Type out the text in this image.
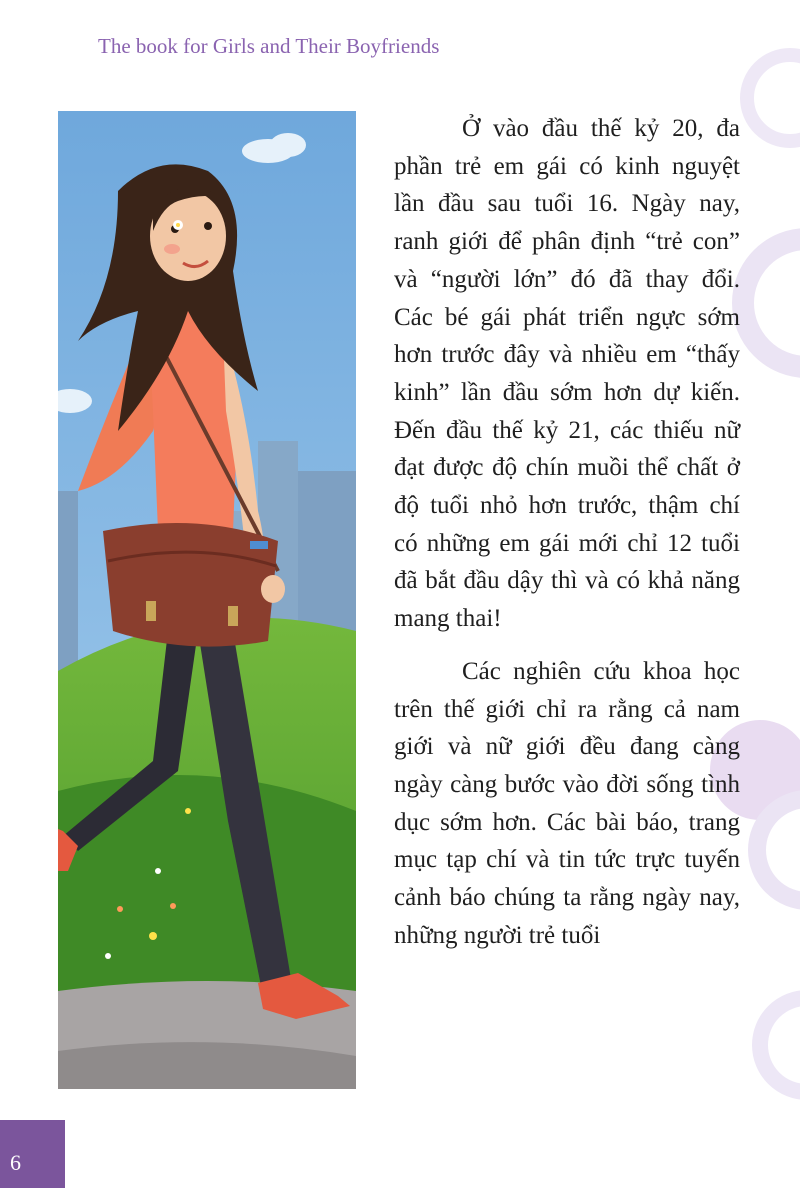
The book for Girls and Their Boyfriends

Ở vào đầu thế kỷ 20, đa phần trẻ em gái có kinh nguyệt lần đầu sau tuổi 16. Ngày nay, ranh giới để phân định “trẻ con” và “người lớn” đó đã thay đổi. Các bé gái phát triển ngực sớm hơn trước đây và nhiều em “thấy kinh” lần đầu sớm hơn dự kiến. Đến đầu thế kỷ 21, các thiếu nữ đạt được độ chín muồi thể chất ở độ tuổi nhỏ hơn trước, thậm chí có những em gái mới chỉ 12 tuổi đã bắt đầu dậy thì và có khả năng mang thai!

Các nghiên cứu khoa học trên thế giới chỉ ra rằng cả nam giới và nữ giới đều đang càng ngày càng bước vào đời sống tình dục sớm hơn. Các bài báo, trang mục tạp chí và tin tức trực tuyến cảnh báo chúng ta rằng ngày nay, những người trẻ tuổi

6
